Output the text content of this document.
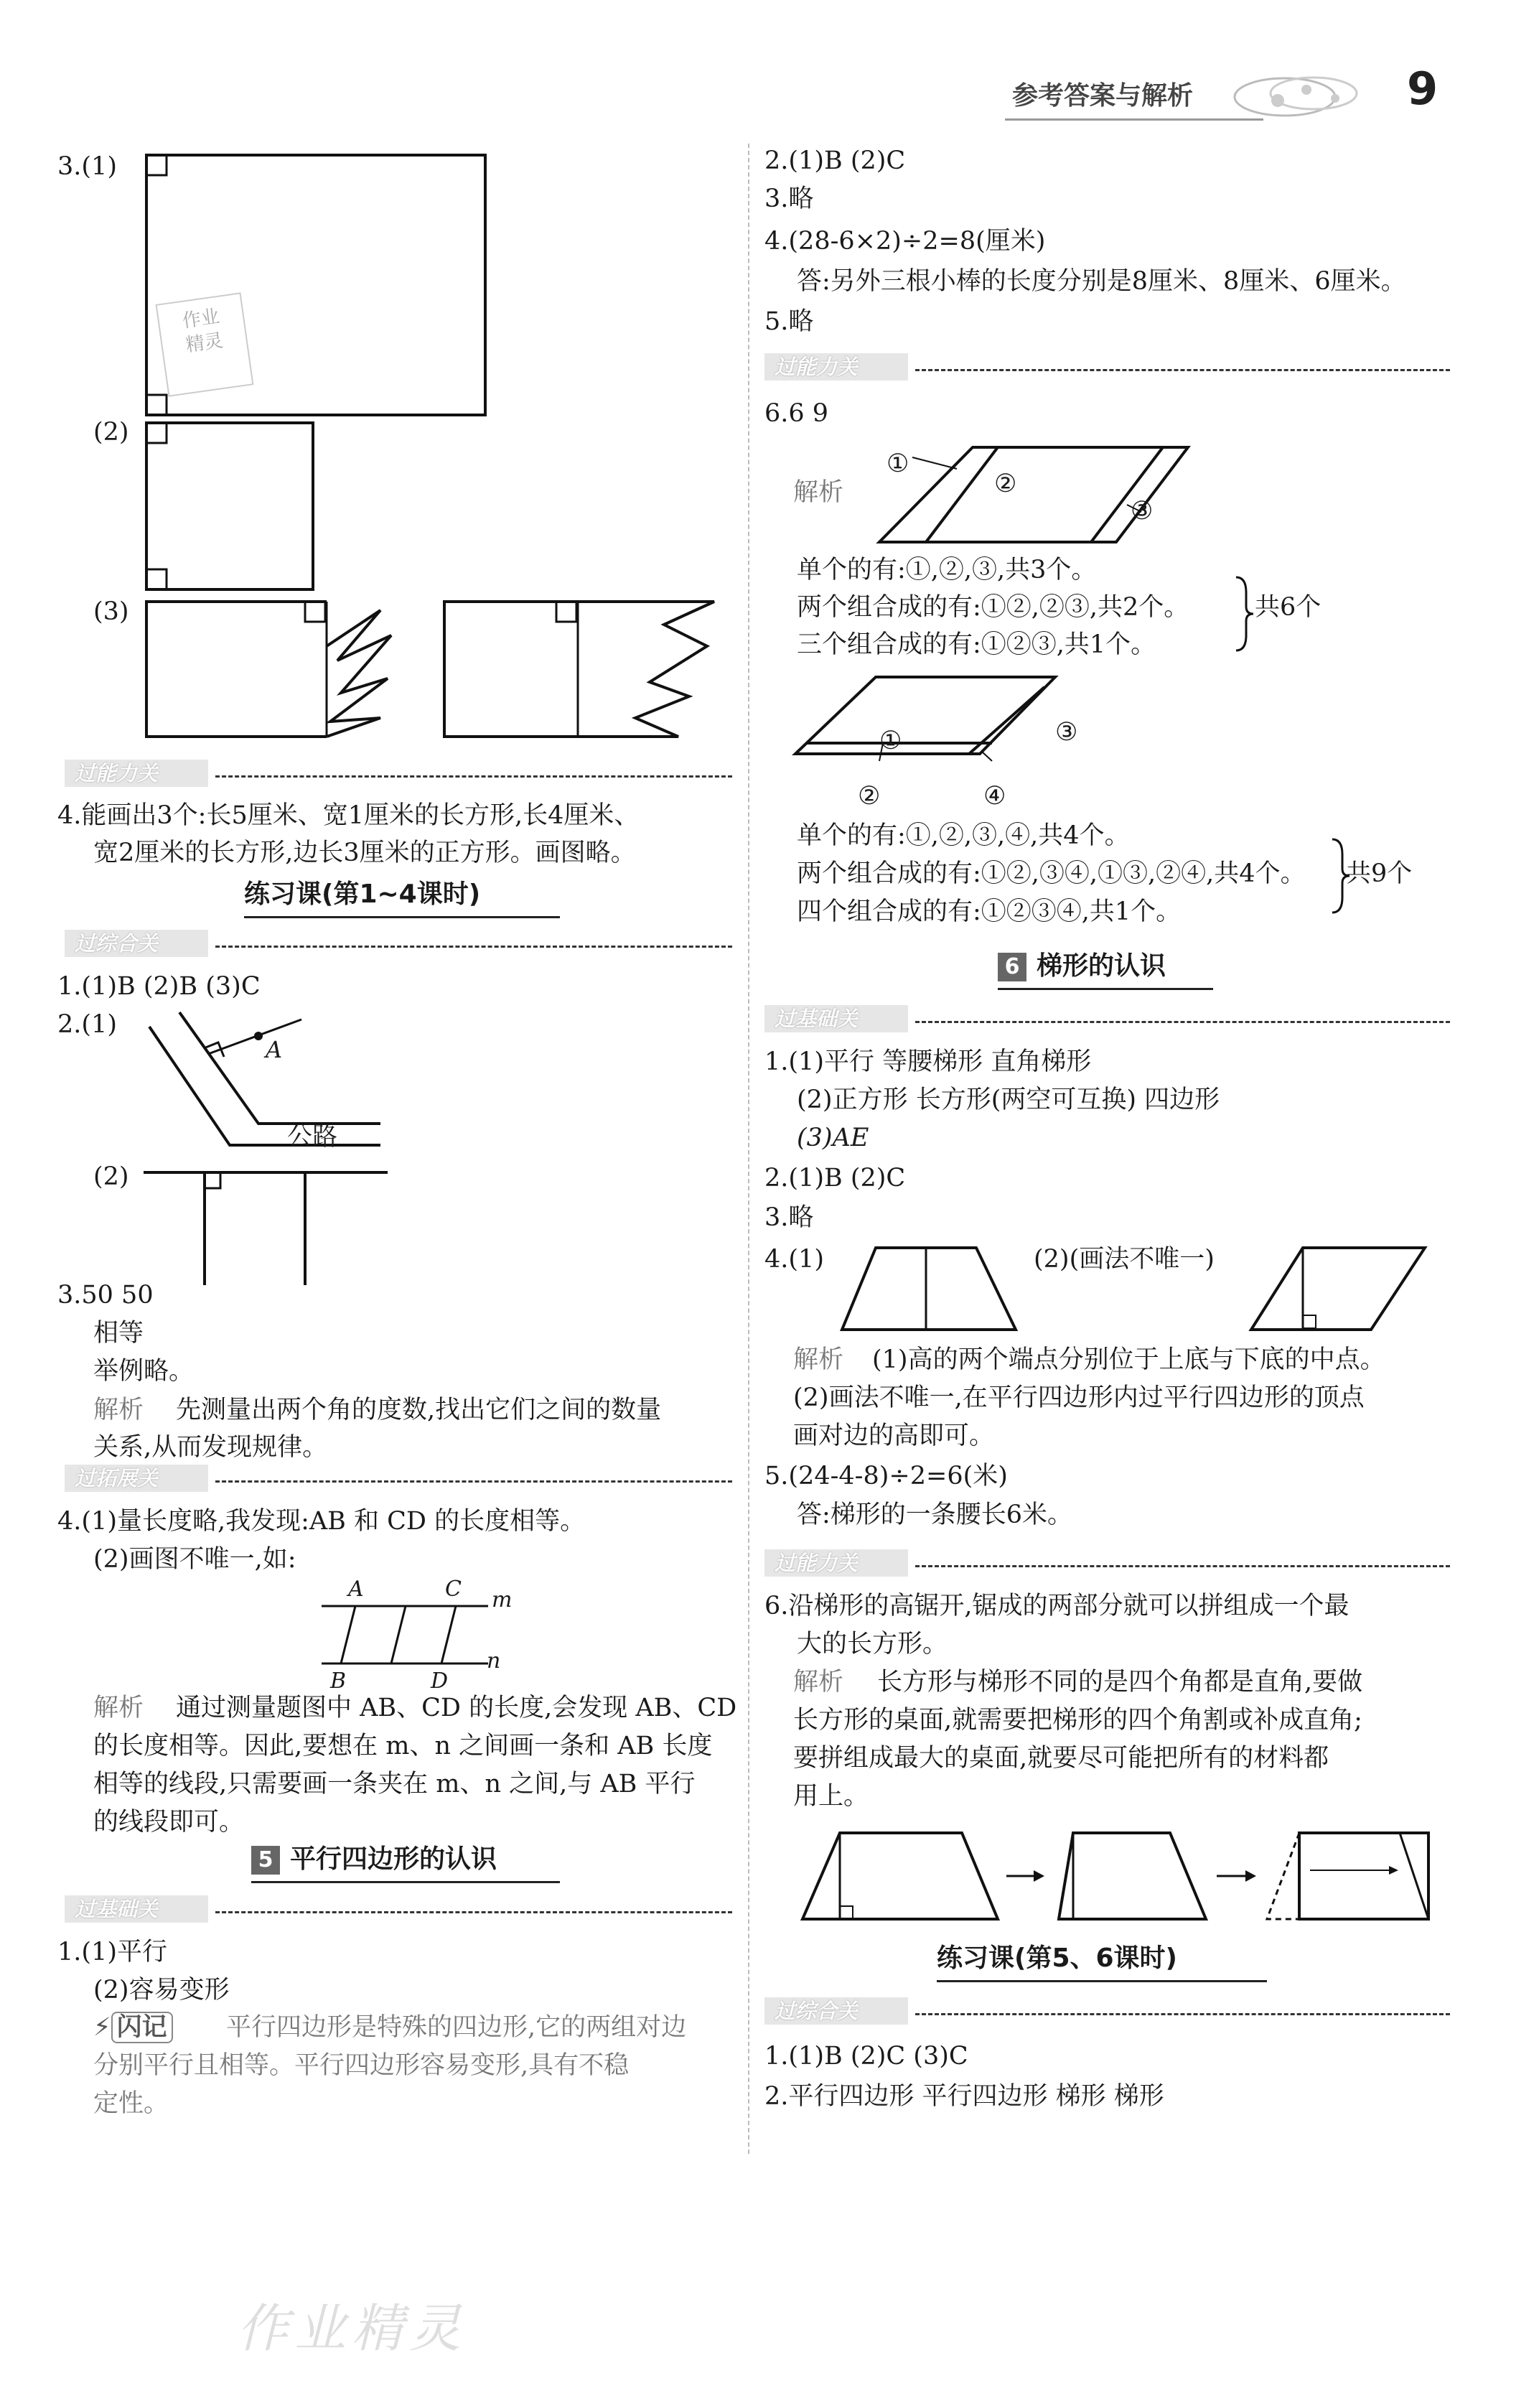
参考答案与解析	9
3.(1)
作业
精灵
(2)
(3)
过能力关
4.能画出3个:长5厘米、宽1厘米的长方形,长4厘米、
宽2厘米的长方形,边长3厘米的正方形。画图略。
练习课(第1~4课时)
过综合关
1.(1)B (2)B (3)C
2.(1)
A
公路
(2)
3.50 50
相等
举例略。
解析 先测量出两个角的度数,找出它们之间的数量
关系,从而发现规律。
过拓展关
4.(1)量长度略,我发现:AB 和 CD 的长度相等。
(2)画图不唯一,如:
A	C m
B	D
n
解析 通过测量题图中 AB、CD 的长度,会发现 AB、CD
的长度相等。因此,要想在 m、n 之间画一条和 AB 长度
相等的线段,只需要画一条夹在 m、n 之间,与 AB 平行
的线段即可。
5 平行四边形的认识
过基础关
1.(1)平行
(2)容易变形
⚡ 闪记 平行四边形是特殊的四边形,它的两组对边
分别平行且相等。平行四边形容易变形,具有不稳
定性。
2.(1)B (2)C
3.略
4.(28-6×2)÷2=8(厘米)
答:另外三根小棒的长度分别是8厘米、8厘米、6厘米。
5.略
过能力关
6.6 9
解析
①
②
③
单个的有:①,②,③,共3个。
两个组合成的有:①②,②③,共2个。
三个组合成的有:①②③,共1个。
共6个
①	③
②	④
单个的有:①,②,③,④,共4个。
两个组合成的有:①②,③④,①③,②④,共4个。
四个组合成的有:①②③④,共1个。
共9个
6 梯形的认识
过基础关
1.(1)平行 等腰梯形 直角梯形
(2)正方形 长方形(两空可互换) 四边形
(3)AE
2.(1)B (2)C
3.略
4.(1)	(2)(画法不唯一)
解析 (1)高的两个端点分别位于上底与下底的中点。
(2)画法不唯一,在平行四边形内过平行四边形的顶点
画对边的高即可。
5.(24-4-8)÷2=6(米)
答:梯形的一条腰长6米。
过能力关
6.沿梯形的高锯开,锯成的两部分就可以拼组成一个最
大的长方形。
解析 长方形与梯形不同的是四个角都是直角,要做
长方形的桌面,就需要把梯形的四个角割或补成直角;
要拼组成最大的桌面,就要尽可能把所有的材料都
用上。
练习课(第5、6课时)
过综合关
1.(1)B (2)C (3)C
2.平行四边形 平行四边形 梯形 梯形
作业精灵
